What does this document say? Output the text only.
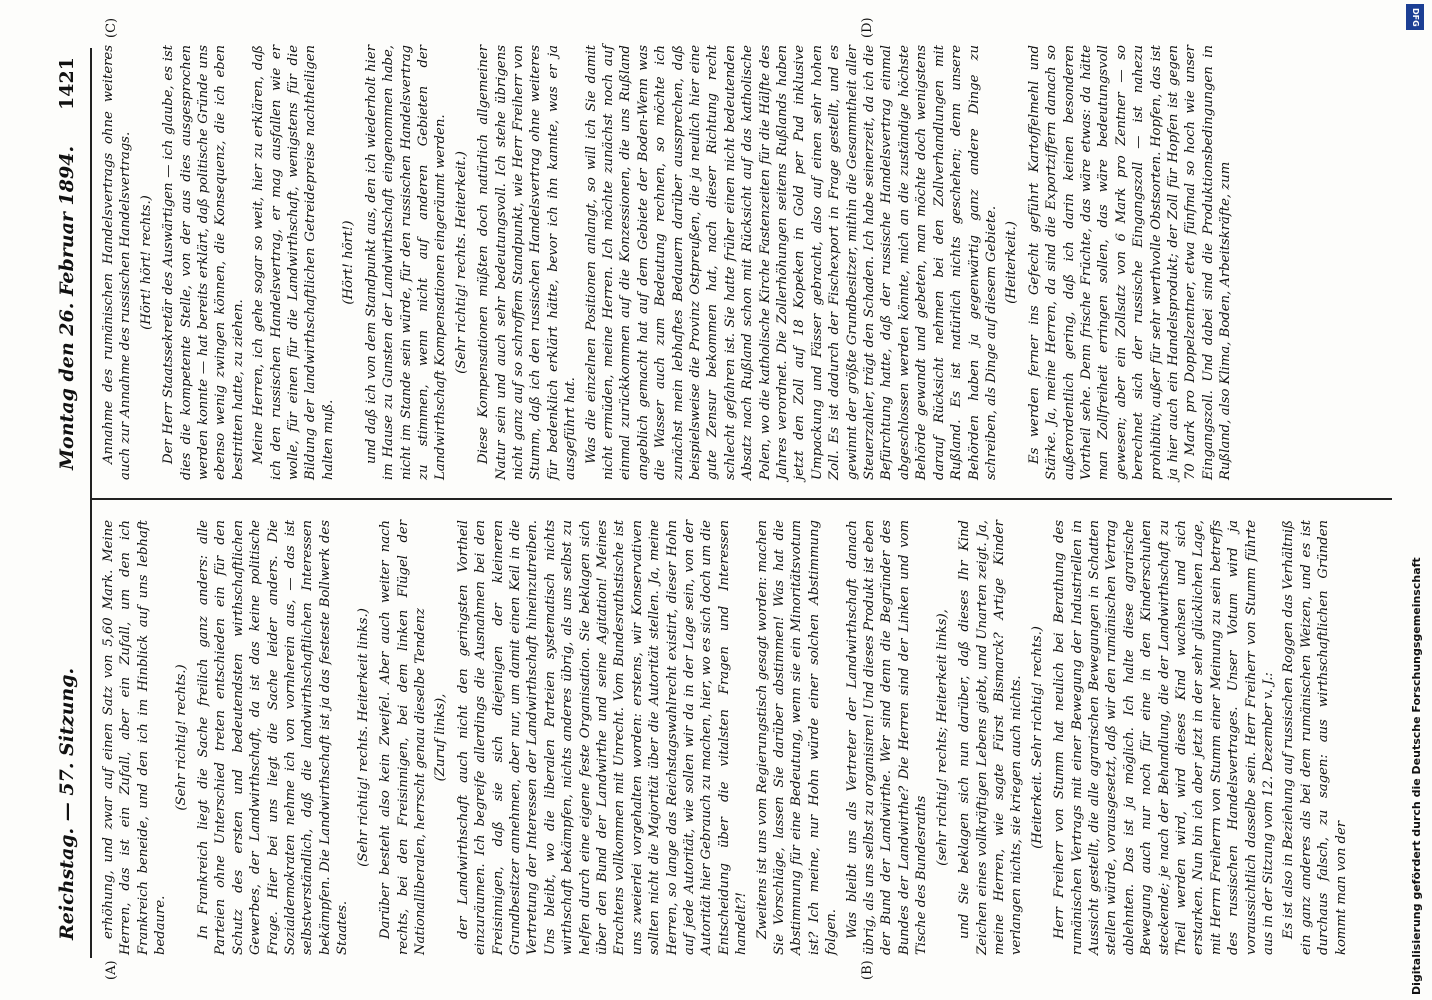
Reichstag. — 57. Sitzung.
Montag den 26. Februar 1894.
1421
(A)	(B)
(C)	(D)

erhöhung, und zwar auf einen Satz von 5,60 Mark. Meine Herren, das ist ein Zufall, aber ein Zufall, um den ich Frankreich beneide, und den ich im Hinblick auf uns lebhaft bedaure.

(Sehr richtig! rechts.) In Frankreich liegt die Sache freilich ganz anders: alle Parteien ohne Unterschied treten entschieden ein für den Schutz des ersten und bedeutendsten wirthschaftlichen Gewerbes, der Landwirthschaft, da ist das keine politische Frage. Hier bei uns liegt die Sache leider anders. Die Sozialdemokraten nehme ich von vornherein aus, — das ist selbstverständlich, daß die landwirthschaftlichen Interessen bekämpfen. Die Landwirthschaft ist ja das festeste Bollwerk des Staates.

(Sehr richtig! rechts. Heiterkeit links.) Darüber besteht also kein Zweifel. Aber auch weiter nach rechts, bei den Freisinnigen, bei dem linken Flügel der Nationalliberalen, herrscht genau dieselbe Tendenz (Zuruf links), der Landwirthschaft auch nicht den geringsten Vortheil einzuräumen. Ich begreife allerdings die Ausnahmen bei den Freisinnigen, daß sie sich diejenigen der kleineren Grundbesitzer annehmen, aber nur, um damit einen Keil in die Vertretung der Interessen der Landwirthschaft hineinzutreiben. Uns bleibt, wo die liberalen Parteien systematisch nichts wirthschaft bekämpfen, nichts anderes übrig, als uns selbst zu helfen durch eine eigene feste Organisation. Sie beklagen sich über den Bund der Landwirthe und seine Agitation! Meines Erachtens vollkommen mit Unrecht. Vom Bundesrathstische ist uns zweierlei vorgehalten worden: erstens, wir Konservativen sollten nicht die Majorität über die Autorität stellen. Ja, meine Herren, so lange das Reichstagswahlrecht existirt, dieser Hohn auf jede Autorität, wie sollen wir da in der Lage sein, von der Autorität hier Gebrauch zu machen, hier, wo es sich doch um die Entscheidung über die vitalsten Fragen und Interessen handelt?! Zweitens ist uns vom Regierungstisch gesagt worden: machen Sie Vorschläge, lassen Sie darüber abstimmen! Was hat die Abstimmung für eine Bedeutung, wenn sie ein Minoritätsvotum ist? Ich meine, nur Hohn würde einer solchen Abstimmung folgen. Was bleibt uns als Vertreter der Landwirthschaft danach übrig, als uns selbst zu organisiren! Und dieses Produkt ist eben der Bund der Landwirthe. Wer sind denn die Begründer des Bundes der Landwirthe? Die Herren sind der Linken und vom Tische des Bundesraths

(sehr richtig! rechts; Heiterkeit links), und Sie beklagen sich nun darüber, daß dieses Ihr Kind Zeichen eines vollkräftigen Lebens giebt, und Unarten zeigt. Ja, meine Herren, wie sagte Fürst Bismarck? Artige Kinder verlangen nichts, sie kriegen auch nichts. (Heiterkeit. Sehr richtig! rechts.) Herr Freiherr von Stumm hat neulich bei Berathung des rumänischen Vertrags mit einer Bewegung der Industriellen in Aussicht gestellt, die alle agrarischen Bewegungen in Schatten stellen würde, vorausgesetzt, daß wir den rumänischen Vertrag ablehnten. Das ist ja möglich. Ich halte diese agrarische Bewegung auch nur noch für eine in den Kinderschuhen steckende; je nach der Behandlung, die der Landwirthschaft zu Theil werden wird, wird dieses Kind wachsen und sich erstarken. Nun bin ich aber jetzt in der sehr glücklichen Lage, mit Herrn Freiherrn von Stumm einer Meinung zu sein betreffs des russischen Handelsvertrages. Unser Votum wird ja voraussichtlich dasselbe sein. Herr Freiherr von Stumm führte aus in der Sitzung vom 12. Dezember v. J.: Es ist also in Beziehung auf russischen Roggen das Verhältniß ein ganz anderes als bei dem rumänischen Weizen, und es ist durchaus falsch, zu sagen: aus wirthschaftlichen Gründen kommt man von der

Annahme des rumänischen Handelsvertrags ohne weiteres auch zur Annahme des russischen Handelsvertrags. (Hört! hört! rechts.) Der Herr Staatssekretär des Auswärtigen — ich glaube, es ist dies die kompetente Stelle, von der aus dies ausgesprochen werden konnte — hat bereits erklärt, daß politische Gründe uns ebenso wenig zwingen können, die Konsequenz, die ich eben bestritten hatte, zu ziehen. Meine Herren, ich gehe sogar so weit, hier zu erklären, daß ich den russischen Handelsvertrag, er mag ausfallen wie er wolle, für einen für die Landwirthschaft, wenigstens für die Bildung der landwirthschaftlichen Getreidepreise nachtheiligen halten muß.

(Hört! hört!) und daß ich von dem Standpunkt aus, den ich wiederholt hier im Hause zu Gunsten der Landwirthschaft eingenommen habe, nicht im Stande sein würde, für den russischen Handelsvertrag zu stimmen, wenn nicht auf anderen Gebieten der Landwirthschaft Kompensationen eingeräumt werden. (Sehr richtig! rechts. Heiterkeit.) Diese Kompensationen müßten doch natürlich allgemeiner Natur sein und auch sehr bedeutungsvoll. Ich stehe übrigens nicht ganz auf so schroffem Standpunkt, wie Herr Freiherr von Stumm, daß ich den russischen Handelsvertrag ohne weiteres für bedenklich erklärt hätte, bevor ich ihn kannte, was er ja ausgeführt hat. Was die einzelnen Positionen anlangt, so will ich Sie damit nicht ermüden, meine Herren. Ich möchte zunächst noch auf einmal zurückkommen auf die Konzessionen, die uns Rußland angeblich gemacht hat auf dem Gebiete der Boden-Wenn was die Wasser auch zum Bedeutung rechnen, so möchte ich zunächst mein lebhaftes Bedauern darüber aussprechen, daß beispielsweise die Provinz Ostpreußen, die ja neulich hier eine gute Zensur bekommen hat, nach dieser Richtung recht schlecht gefahren ist. Sie hatte früher einen nicht bedeutenden Absatz nach Rußland schon mit Rücksicht auf das katholische Polen, wo die katholische Kirche Fastenzeiten für die Hälfte des Jahres verordnet. Die Zollerhöhungen seitens Rußlands haben jetzt den Zoll auf 18 Kopeken in Gold per Pud inklusive Umpackung und Fässer gebracht, also auf einen sehr hohen Zoll. Es ist dadurch der Fischexport in Frage gestellt, und es gewinnt der größte Grundbesitzer, mithin die Gesammtheit aller Steuerzahler, trägt den Schaden. Ich habe seinerzeit, da ich die Befürchtung hatte, daß der russische Handelsvertrag einmal abgeschlossen werden könnte, mich an die zuständige höchste Behörde gewandt und gebeten, man möchte doch wenigstens darauf Rücksicht nehmen bei den Zollverhandlungen mit Rußland. Es ist natürlich nichts geschehen; denn unsere Behörden haben ja gegenwärtig ganz andere Dinge zu schreiben, als Dinge auf diesem Gebiete. (Heiterkeit.) Es werden ferner ins Gefecht geführt Kartoffelmehl und Stärke. Ja, meine Herren, da sind die Exportziffern danach so außerordentlich gering, daß ich darin keinen besonderen Vortheil sehe. Denn frische Früchte, das wäre etwas: da hätte man Zollfreiheit erringen sollen, das wäre bedeutungsvoll gewesen; aber ein Zollsatz von 6 Mark pro Zentner — so berechnet sich der russische Eingangszoll — ist nahezu prohibitiv, außer für sehr werthvolle Obstsorten. Hopfen, das ist ja hier auch ein Handelsprodukt; der Zoll für Hopfen ist gegen 70 Mark pro Doppelzentner, etwa fünfmal so hoch wie unser Eingangszoll. Und dabei sind die Produktionsbedingungen in Rußland, also Klima, Boden, Arbeitskräfte, zum

DFG
Digitalisierung gefördert durch die Deutsche Forschungsgemeinschaft
